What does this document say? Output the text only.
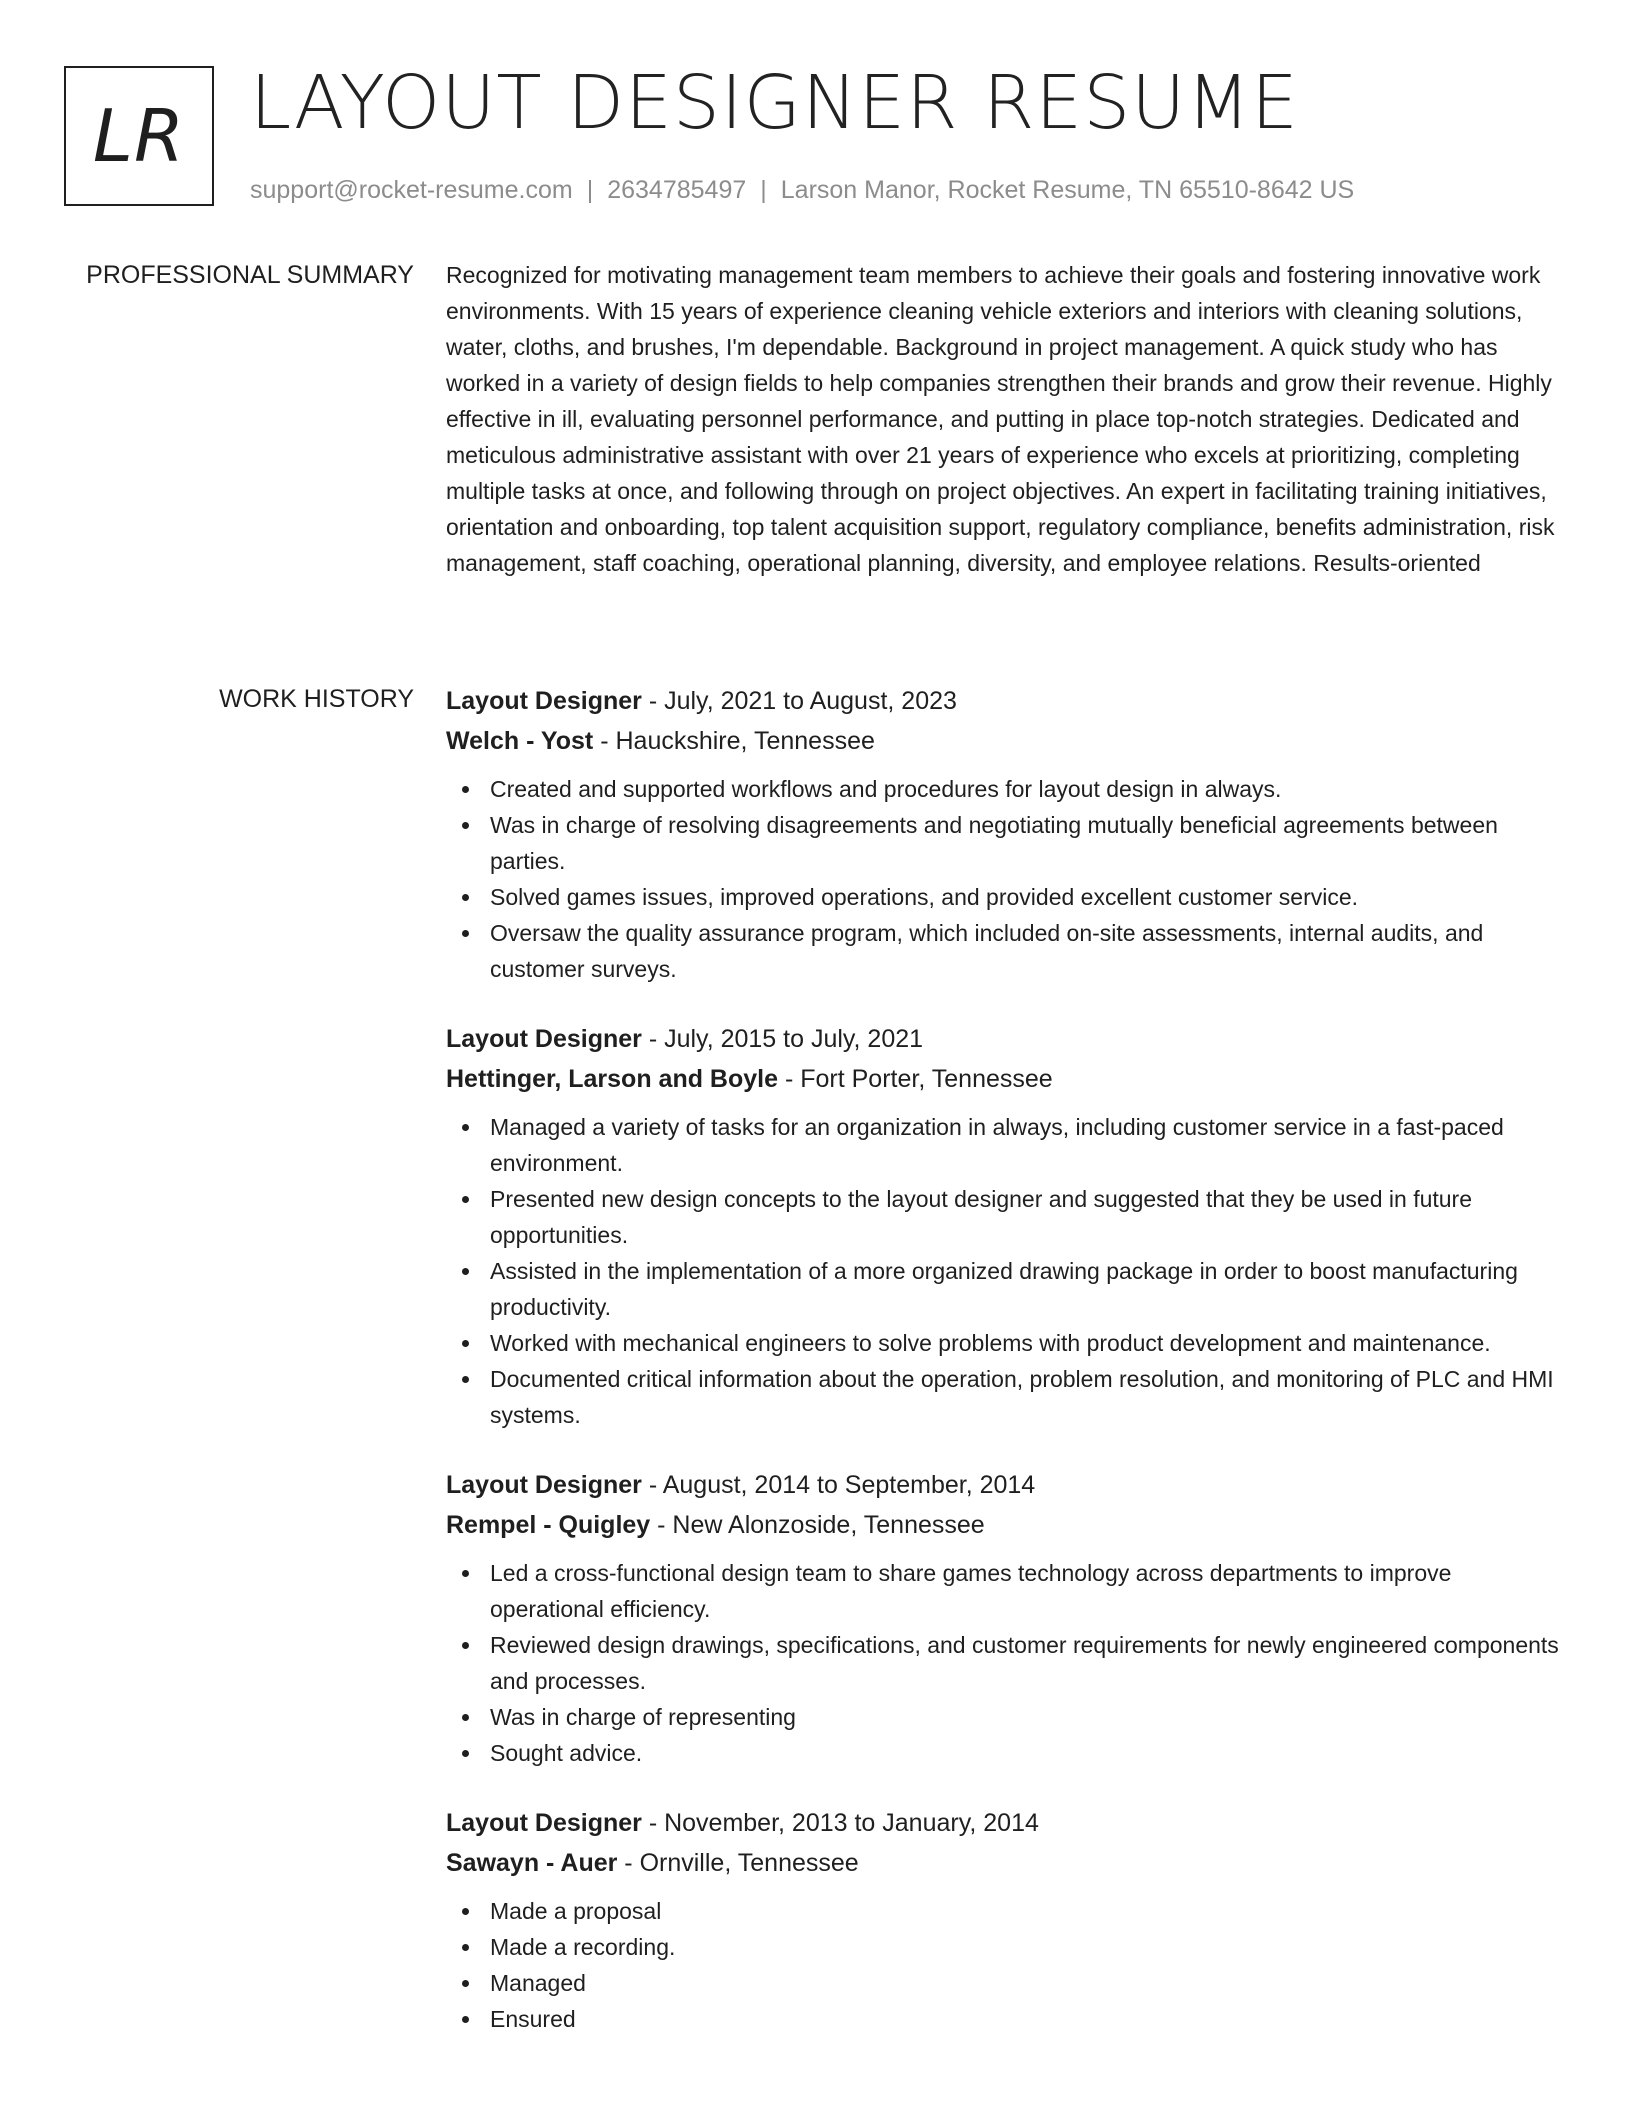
LR LAYOUT DESIGNER RESUME
support@rocket-resume.com | 2634785497 | Larson Manor, Rocket Resume, TN 65510-8642 US
PROFESSIONAL SUMMARY Recognized for motivating management team members to achieve their goals and fostering innovative work environments. With 15 years of experience cleaning vehicle exteriors and interiors with cleaning solutions, water, cloths, and brushes, I'm dependable. Background in project management. A quick study who has worked in a variety of design fields to help companies strengthen their brands and grow their revenue. Highly effective in ill, evaluating personnel performance, and putting in place top-notch strategies. Dedicated and meticulous administrative assistant with over 21 years of experience who excels at prioritizing, completing multiple tasks at once, and following through on project objectives. An expert in facilitating training initiatives, orientation and onboarding, top talent acquisition support, regulatory compliance, benefits administration, risk management, staff coaching, operational planning, diversity, and employee relations. Results-oriented

WORK HISTORY Layout Designer - July, 2021 to August, 2023

Welch - Yost - Hauckshire, Tennessee

Created and supported workflows and procedures for layout design in always.
Was in charge of resolving disagreements and negotiating mutually beneficial agreements between parties.
Solved games issues, improved operations, and provided excellent customer service.
Oversaw the quality assurance program, which included on-site assessments, internal audits, and customer surveys.

Layout Designer - July, 2015 to July, 2021

Hettinger, Larson and Boyle - Fort Porter, Tennessee

Managed a variety of tasks for an organization in always, including customer service in a fast-paced environment.
Presented new design concepts to the layout designer and suggested that they be used in future opportunities.
Assisted in the implementation of a more organized drawing package in order to boost manufacturing productivity.
Worked with mechanical engineers to solve problems with product development and maintenance.
Documented critical information about the operation, problem resolution, and monitoring of PLC and HMI systems.

Layout Designer - August, 2014 to September, 2014

Rempel - Quigley - New Alonzoside, Tennessee

Led a cross-functional design team to share games technology across departments to improve operational efficiency.
Reviewed design drawings, specifications, and customer requirements for newly engineered components and processes.
Was in charge of representing
Sought advice.

Layout Designer - November, 2013 to January, 2014

Sawayn - Auer - Ornville, Tennessee

Made a proposal
Made a recording.
Managed
Ensured
